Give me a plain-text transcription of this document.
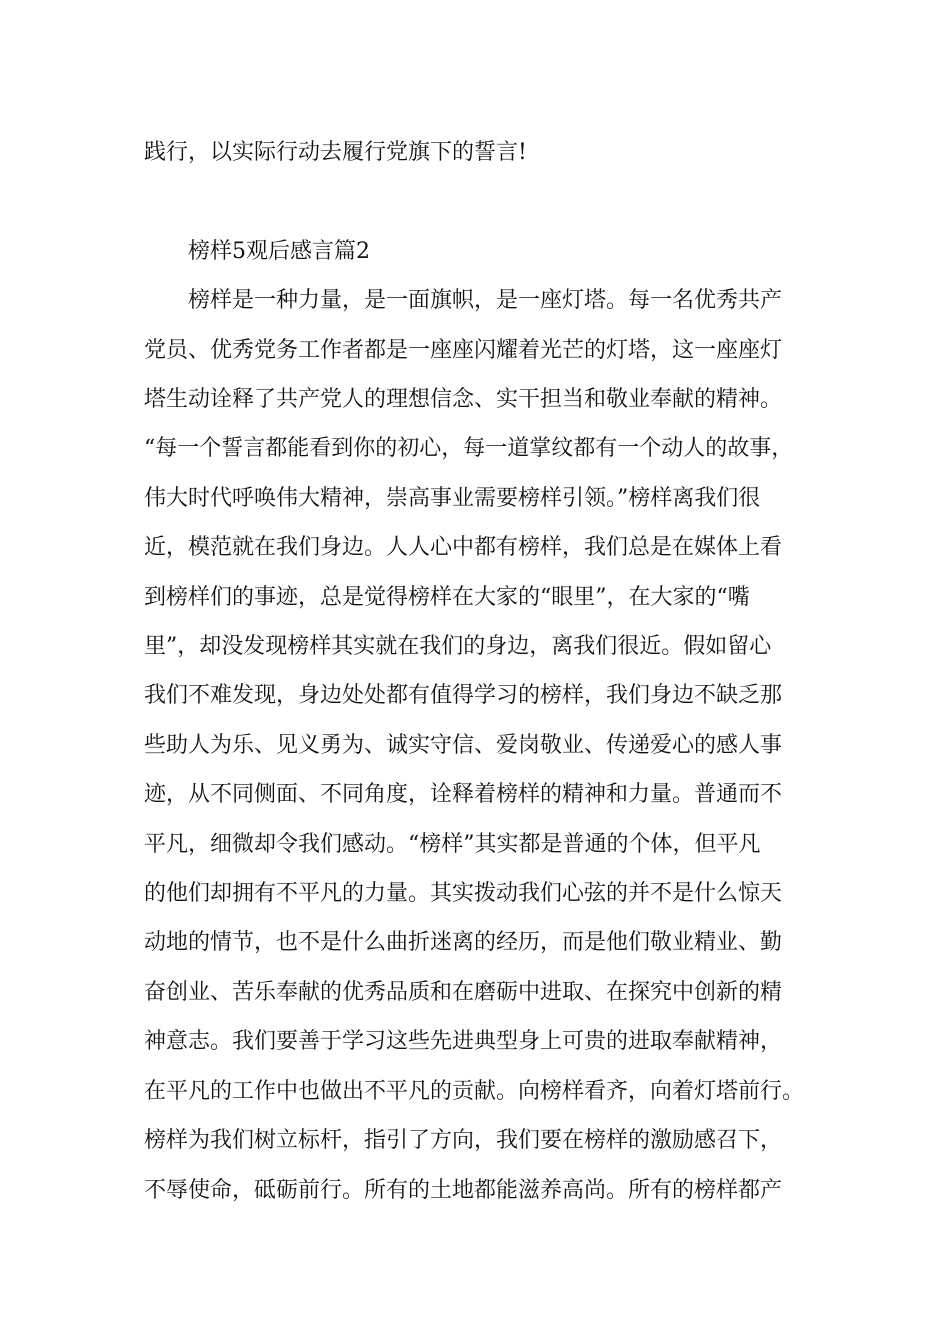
践行，以实际行动去履行党旗下的誓言!

榜样5观后感言篇2

榜样是一种力量，是一面旗帜，是一座灯塔。每一名优秀共产

党员、优秀党务工作者都是一座座闪耀着光芒的灯塔，这一座座灯

塔生动诠释了共产党人的理想信念、实干担当和敬业奉献的精神。

“每一个誓言都能看到你的初心，每一道掌纹都有一个动人的故事，

伟大时代呼唤伟大精神，崇高事业需要榜样引领。”榜样离我们很

近，模范就在我们身边。人人心中都有榜样，我们总是在媒体上看

到榜样们的事迹，总是觉得榜样在大家的“眼里”，在大家的“嘴

里”，却没发现榜样其实就在我们的身边，离我们很近。假如留心

我们不难发现，身边处处都有值得学习的榜样，我们身边不缺乏那

些助人为乐、见义勇为、诚实守信、爱岗敬业、传递爱心的感人事

迹，从不同侧面、不同角度，诠释着榜样的精神和力量。普通而不

平凡，细微却令我们感动。“榜样”其实都是普通的个体，但平凡

的他们却拥有不平凡的力量。其实拨动我们心弦的并不是什么惊天

动地的情节，也不是什么曲折迷离的经历，而是他们敬业精业、勤

奋创业、苦乐奉献的优秀品质和在磨砺中进取、在探究中创新的精

神意志。我们要善于学习这些先进典型身上可贵的进取奉献精神，

在平凡的工作中也做出不平凡的贡献。向榜样看齐，向着灯塔前行。

榜样为我们树立标杆，指引了方向，我们要在榜样的激励感召下，

不辱使命，砥砺前行。所有的土地都能滋养高尚。所有的榜样都产
